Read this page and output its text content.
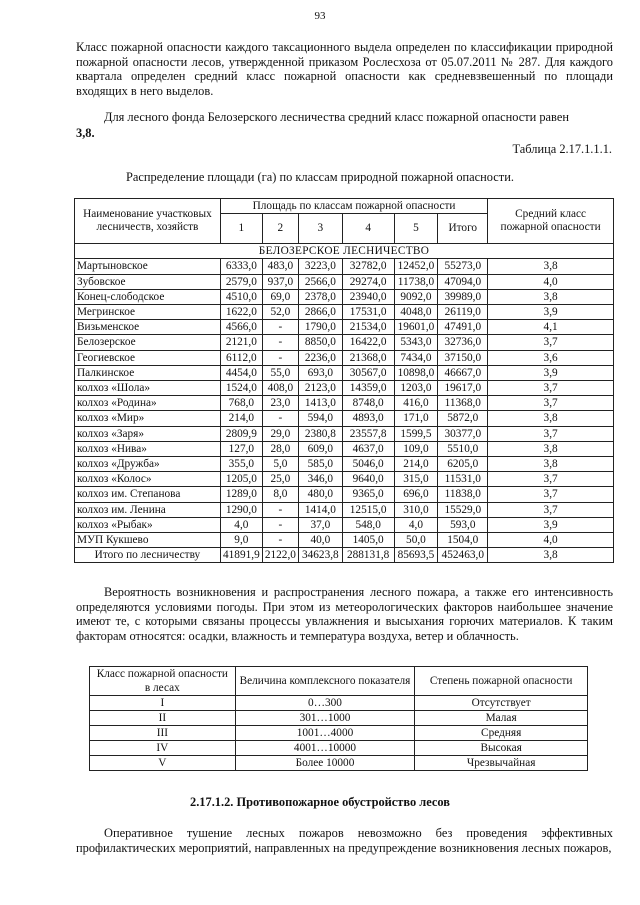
93
Класс пожарной опасности каждого таксационного выдела определен по классификации природной пожарной опасности лесов, утвержденной приказом Рослесхоза от 05.07.2011 № 287. Для каждого квартала определен средний класс пожарной опасности как средневзвешенный по площади входящих в него выделов.
Для лесного фонда Белозерского лесничества средний класс пожарной опасности равен
3,8.
Таблица 2.17.1.1.1.
Распределение площади (га) по классам природной пожарной опасности.
Наименование участковых лесничеств, хозяйств	Площадь по классам пожарной опасности						Средний класс пожарной опасности
	1	2	3	4	5	Итого	
БЕЛОЗЕРСКОЕ ЛЕСНИЧЕСТВО							
Мартыновское	6333,0	483,0	3223,0	32782,0	12452,0	55273,0	3,8
Зубовское	2579,0	937,0	2566,0	29274,0	11738,0	47094,0	4,0
Конец-слободское	4510,0	69,0	2378,0	23940,0	9092,0	39989,0	3,8
Мегринское	1622,0	52,0	2866,0	17531,0	4048,0	26119,0	3,9
Визьменское	4566,0	-	1790,0	21534,0	19601,0	47491,0	4,1
Белозерское	2121,0	-	8850,0	16422,0	5343,0	32736,0	3,7
Геогиевское	6112,0	-	2236,0	21368,0	7434,0	37150,0	3,6
Палкинское	4454,0	55,0	693,0	30567,0	10898,0	46667,0	3,9
колхоз «Шола»	1524,0	408,0	2123,0	14359,0	1203,0	19617,0	3,7
колхоз «Родина»	768,0	23,0	1413,0	8748,0	416,0	11368,0	3,7
колхоз «Мир»	214,0	-	594,0	4893,0	171,0	5872,0	3,8
колхоз «Заря»	2809,9	29,0	2380,8	23557,8	1599,5	30377,0	3,7
колхоз «Нива»	127,0	28,0	609,0	4637,0	109,0	5510,0	3,8
колхоз «Дружба»	355,0	5,0	585,0	5046,0	214,0	6205,0	3,8
колхоз «Колос»	1205,0	25,0	346,0	9640,0	315,0	11531,0	3,7
колхоз им. Степанова	1289,0	8,0	480,0	9365,0	696,0	11838,0	3,7
колхоз им. Ленина	1290,0	-	1414,0	12515,0	310,0	15529,0	3,7
колхоз «Рыбак»	4,0	-	37,0	548,0	4,0	593,0	3,9
МУП Кукшево	9,0	-	40,0	1405,0	50,0	1504,0	4,0
Итого по лесничеству	41891,9	2122,0	34623,8	288131,8	85693,5	452463,0	3,8
Вероятность возникновения и распространения лесного пожара, а также его интенсивность определяются условиями погоды. При этом из метеорологических факторов наибольшее значение имеют те, с которыми связаны процессы увлажнения и высыхания горючих материалов. К таким факторам относятся: осадки, влажность и температура воздуха, ветер и облачность.
Класс пожарной опасности в лесах	Величина комплексного показателя	Степень пожарной опасности
I	0…300	Отсутствует
II	301…1000	Малая
III	1001…4000	Средняя
IV	4001…10000	Высокая
V	Более 10000	Чрезвычайная
2.17.1.2. Противопожарное обустройство лесов
Оперативное тушение лесных пожаров невозможно без проведения эффективных профилактических мероприятий, направленных на предупреждение возникновения лесных пожаров,
